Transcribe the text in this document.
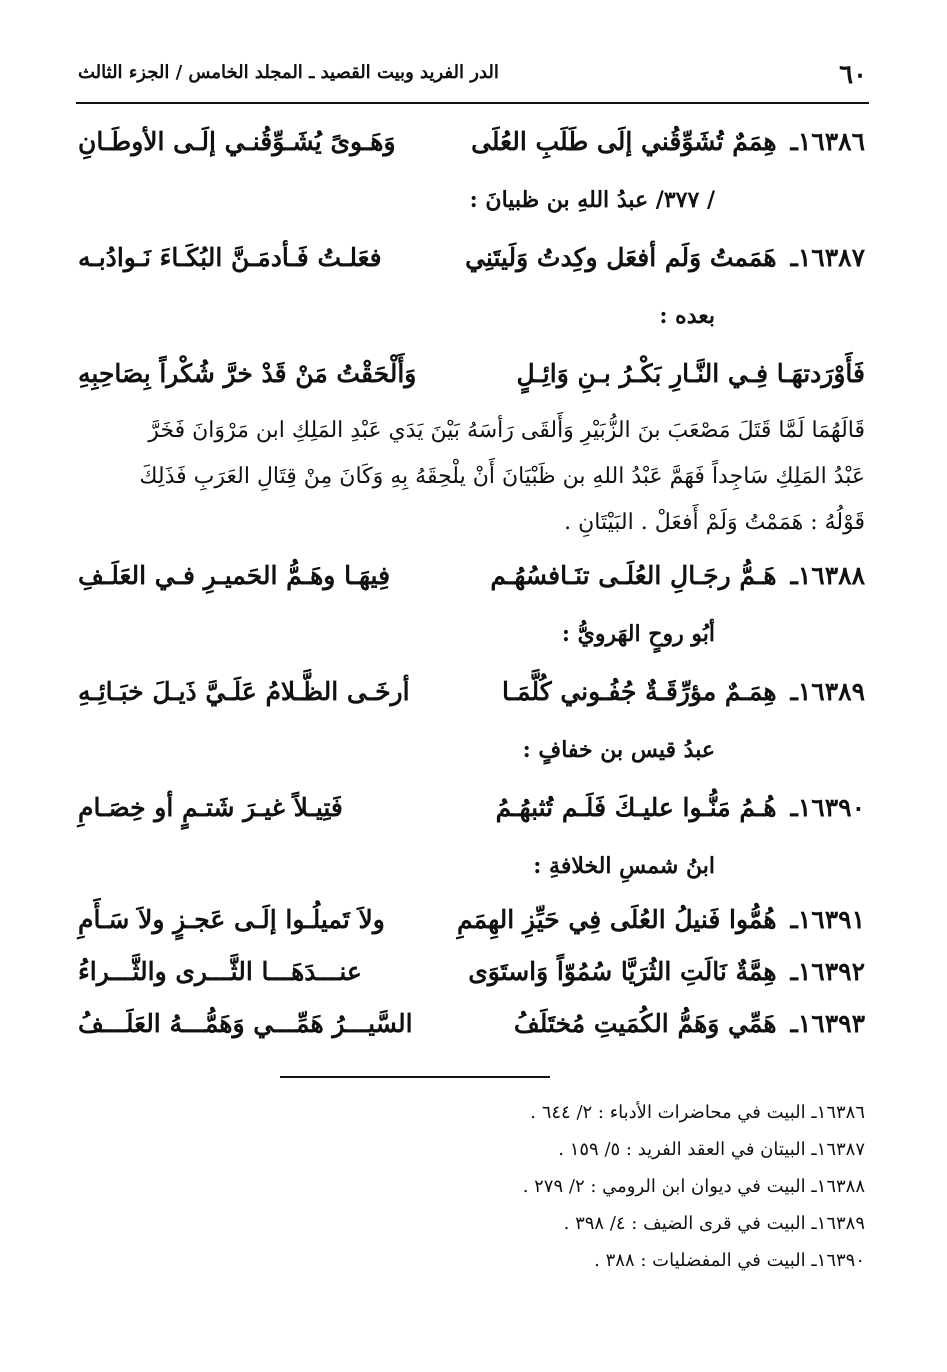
٦٠
الدر الفريد وبيت القصيد ـ المجلد الخامس / الجزء الثالث
١٦٣٨٦ـ
هِمَمٌ تُشَوِّقُني إلَى طَلَبِ العُلَى
وَهَـوىً يُشَـوِّقُنـي إلَـى الأوطَـانِ
/ ٣٧٧/ عبدُ اللهِ بن ظبيانَ :
١٦٣٨٧ـ
هَمَمتُ وَلَم أفعَل وكِدتُ وَلَيتَنِي
فعَلـتُ فَـأدمَـنَّ البُكَـاءَ نَـوادُبـه
بعده :
فَأَوْرَدتهَـا فِـي النَّـارِ بَكْـرُ بـنِ وَائِـلٍ
وَأَلْحَقْتُ مَنْ قَدْ خرَّ شُكْراً بِصَاحِبِهِ
قَالَهُمَا لَمَّا قَتَلَ مَصْعَبَ بنَ الزُّبَيْرِ وَأَلقَى رَأسَهُ بَيْنَ يَدَي عَبْدِ المَلِكِ ابن مَرْوَانَ فَخَرَّ
عَبْدُ المَلِكِ سَاجِداً فَهَمَّ عَبْدُ اللهِ بن ظَبْيَانَ أَنْ يلْحِقَهُ بِهِ وَكَانَ مِنْ قِتَالِ العَرَبِ فَذَلِكَ
قَوْلُهُ : هَمَمْتُ وَلَمْ أَفعَلْ . البَيْتَانِ .
١٦٣٨٨ـ
هَـمُّ رجَـالِ العُلَـى تنَـافسُهُـم
فِيهَـا وهَـمُّ الحَميـرِ فـي العَلَـفِ
أبُو روحٍ الهَرويُّ :
١٦٣٨٩ـ
هِمَـمٌ مؤرِّقَـةٌ جُفُـوني كُلَّمَـا
أرخَـى الظَّـلامُ عَلَـيَّ ذَيـلَ خبَـائِـهِ
عبدُ قيس بن خفافٍ :
١٦٣٩٠ـ
هُـمُ مَنُّـوا عليـكَ فَلَـم تُثبهُـمُ
فَتِيـلاً غيـرَ شَتـمٍ أو خِصَـامِ
ابنُ شمسِ الخلافةِ :
١٦٣٩١ـ
هُمُّوا فَنيلُ العُلَى فِي حَيِّزِ الهِمَمِ
ولاَ تَميلُـوا إلَـى عَجـزٍ ولاَ سَـأَمِ
١٦٣٩٢ـ
هِمَّةٌ نَالَتِ الثُرَيَّا سُمُوّاً وَاستَوَى
عنـــدَهَـــا الثَّـــرى والثَّـــراءُ
١٦٣٩٣ـ
هَمِّي وَهَمُّ الكُمَيتِ مُختَلَفُ
السَّيـــرُ هَمِّـــي وَهَمُّـــهُ العَلَـــفُ
١٦٣٨٦ـ البيت في محاضرات الأدباء : ٢/ ٦٤٤ .
١٦٣٨٧ـ البيتان في العقد الفريد : ٥/ ١٥٩ .
١٦٣٨٨ـ البيت في ديوان ابن الرومي : ٢/ ٢٧٩ .
١٦٣٨٩ـ البيت في قرى الضيف : ٤/ ٣٩٨ .
١٦٣٩٠ـ البيت في المفضليات : ٣٨٨ .
